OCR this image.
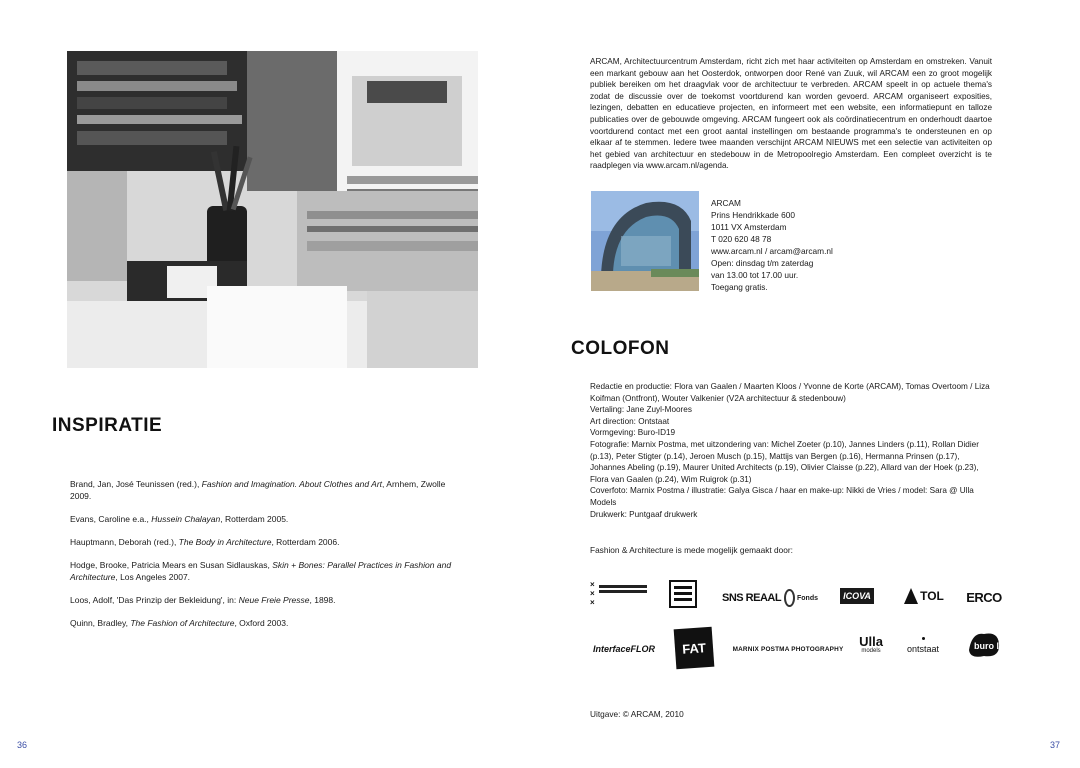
INSPIRATIE

Brand, Jan, José Teunissen (red.), Fashion and Imagination. About Clothes and Art, Arnhem, Zwolle 2009.

Evans, Caroline e.a., Hussein Chalayan, Rotterdam 2005.

Hauptmann, Deborah (red.), The Body in Architecture, Rotterdam 2006.

Hodge, Brooke, Patricia Mears en Susan Sidlauskas, Skin + Bones: Parallel Practices in Fashion and Architecture, Los Angeles 2007.

Loos, Adolf, 'Das Prinzip der Bekleidung', in: Neue Freie Presse, 1898.

Quinn, Bradley, The Fashion of Architecture, Oxford 2003.

36
ARCAM, Architectuurcentrum Amsterdam, richt zich met haar activiteiten op Amsterdam en omstreken. Vanuit een markant gebouw aan het Oosterdok, ontworpen door René van Zuuk, wil ARCAM een zo groot mogelijk publiek bereiken om het draagvlak voor de architectuur te verbreden. ARCAM speelt in op actuele thema's zodat de discussie over de toekomst voortdurend kan worden gevoerd. ARCAM organiseert exposities, lezingen, debatten en educatieve projecten, en informeert met een website, een informatiepunt en talloze publicaties over de gebouwde omgeving. ARCAM fungeert ook als coördinatiecentrum en onderhoudt daartoe voortdurend contact met een groot aantal instellingen om bestaande programma's te ondersteunen en op elkaar af te stemmen. Iedere twee maanden verschijnt ARCAM NIEUWS met een selectie van activiteiten op het gebied van architectuur en stedebouw in de Metropoolregio Amsterdam. Een compleet overzicht is te raadplegen via www.arcam.nl/agenda.
ARCAM
Prins Hendrikkade 600
1011 VX Amsterdam
T 020 620 48 78
www.arcam.nl / arcam@arcam.nl
Open: dinsdag t/m zaterdag
van 13.00 tot 17.00 uur.
Toegang gratis.
COLOFON
Redactie en productie: Flora van Gaalen / Maarten Kloos / Yvonne de Korte (ARCAM), Tomas Overtoom / Liza Koifman (Ontfront), Wouter Valkenier (V2A architectuur & stedenbouw)
Vertaling: Jane Zuyl-Moores
Art direction: Ontstaat
Vormgeving: Buro-ID19
Fotografie: Marnix Postma, met uitzondering van: Michel Zoeter (p.10), Jannes Linders (p.11), Rollan Didier (p.13), Peter Stigter (p.14), Jeroen Musch (p.15), Mattijs van Bergen (p.16), Hermanna Prinsen (p.17), Johannes Abeling (p.19), Maurer United Architects (p.19), Olivier Claisse (p.22), Allard van der Hoek (p.23), Flora van Gaalen (p.24), Wim Ruigrok (p.31)
Coverfoto: Marnix Postma / illustratie: Galya Gisca / haar en make-up: Nikki de Vries / model: Sara @ Ulla Models
Drukwerk: Puntgaaf drukwerk
Fashion & Architecture is mede mogelijk gemaakt door:
×
×
×	SNS REAAL Fonds	ICOVA	TOL ERCO
InterfaceFLOR FAT	MARNIX POSTMA PHOTOGRAPHY Ulla
models	ontstaat	buro ID19
Uitgave: © ARCAM, 2010
37
